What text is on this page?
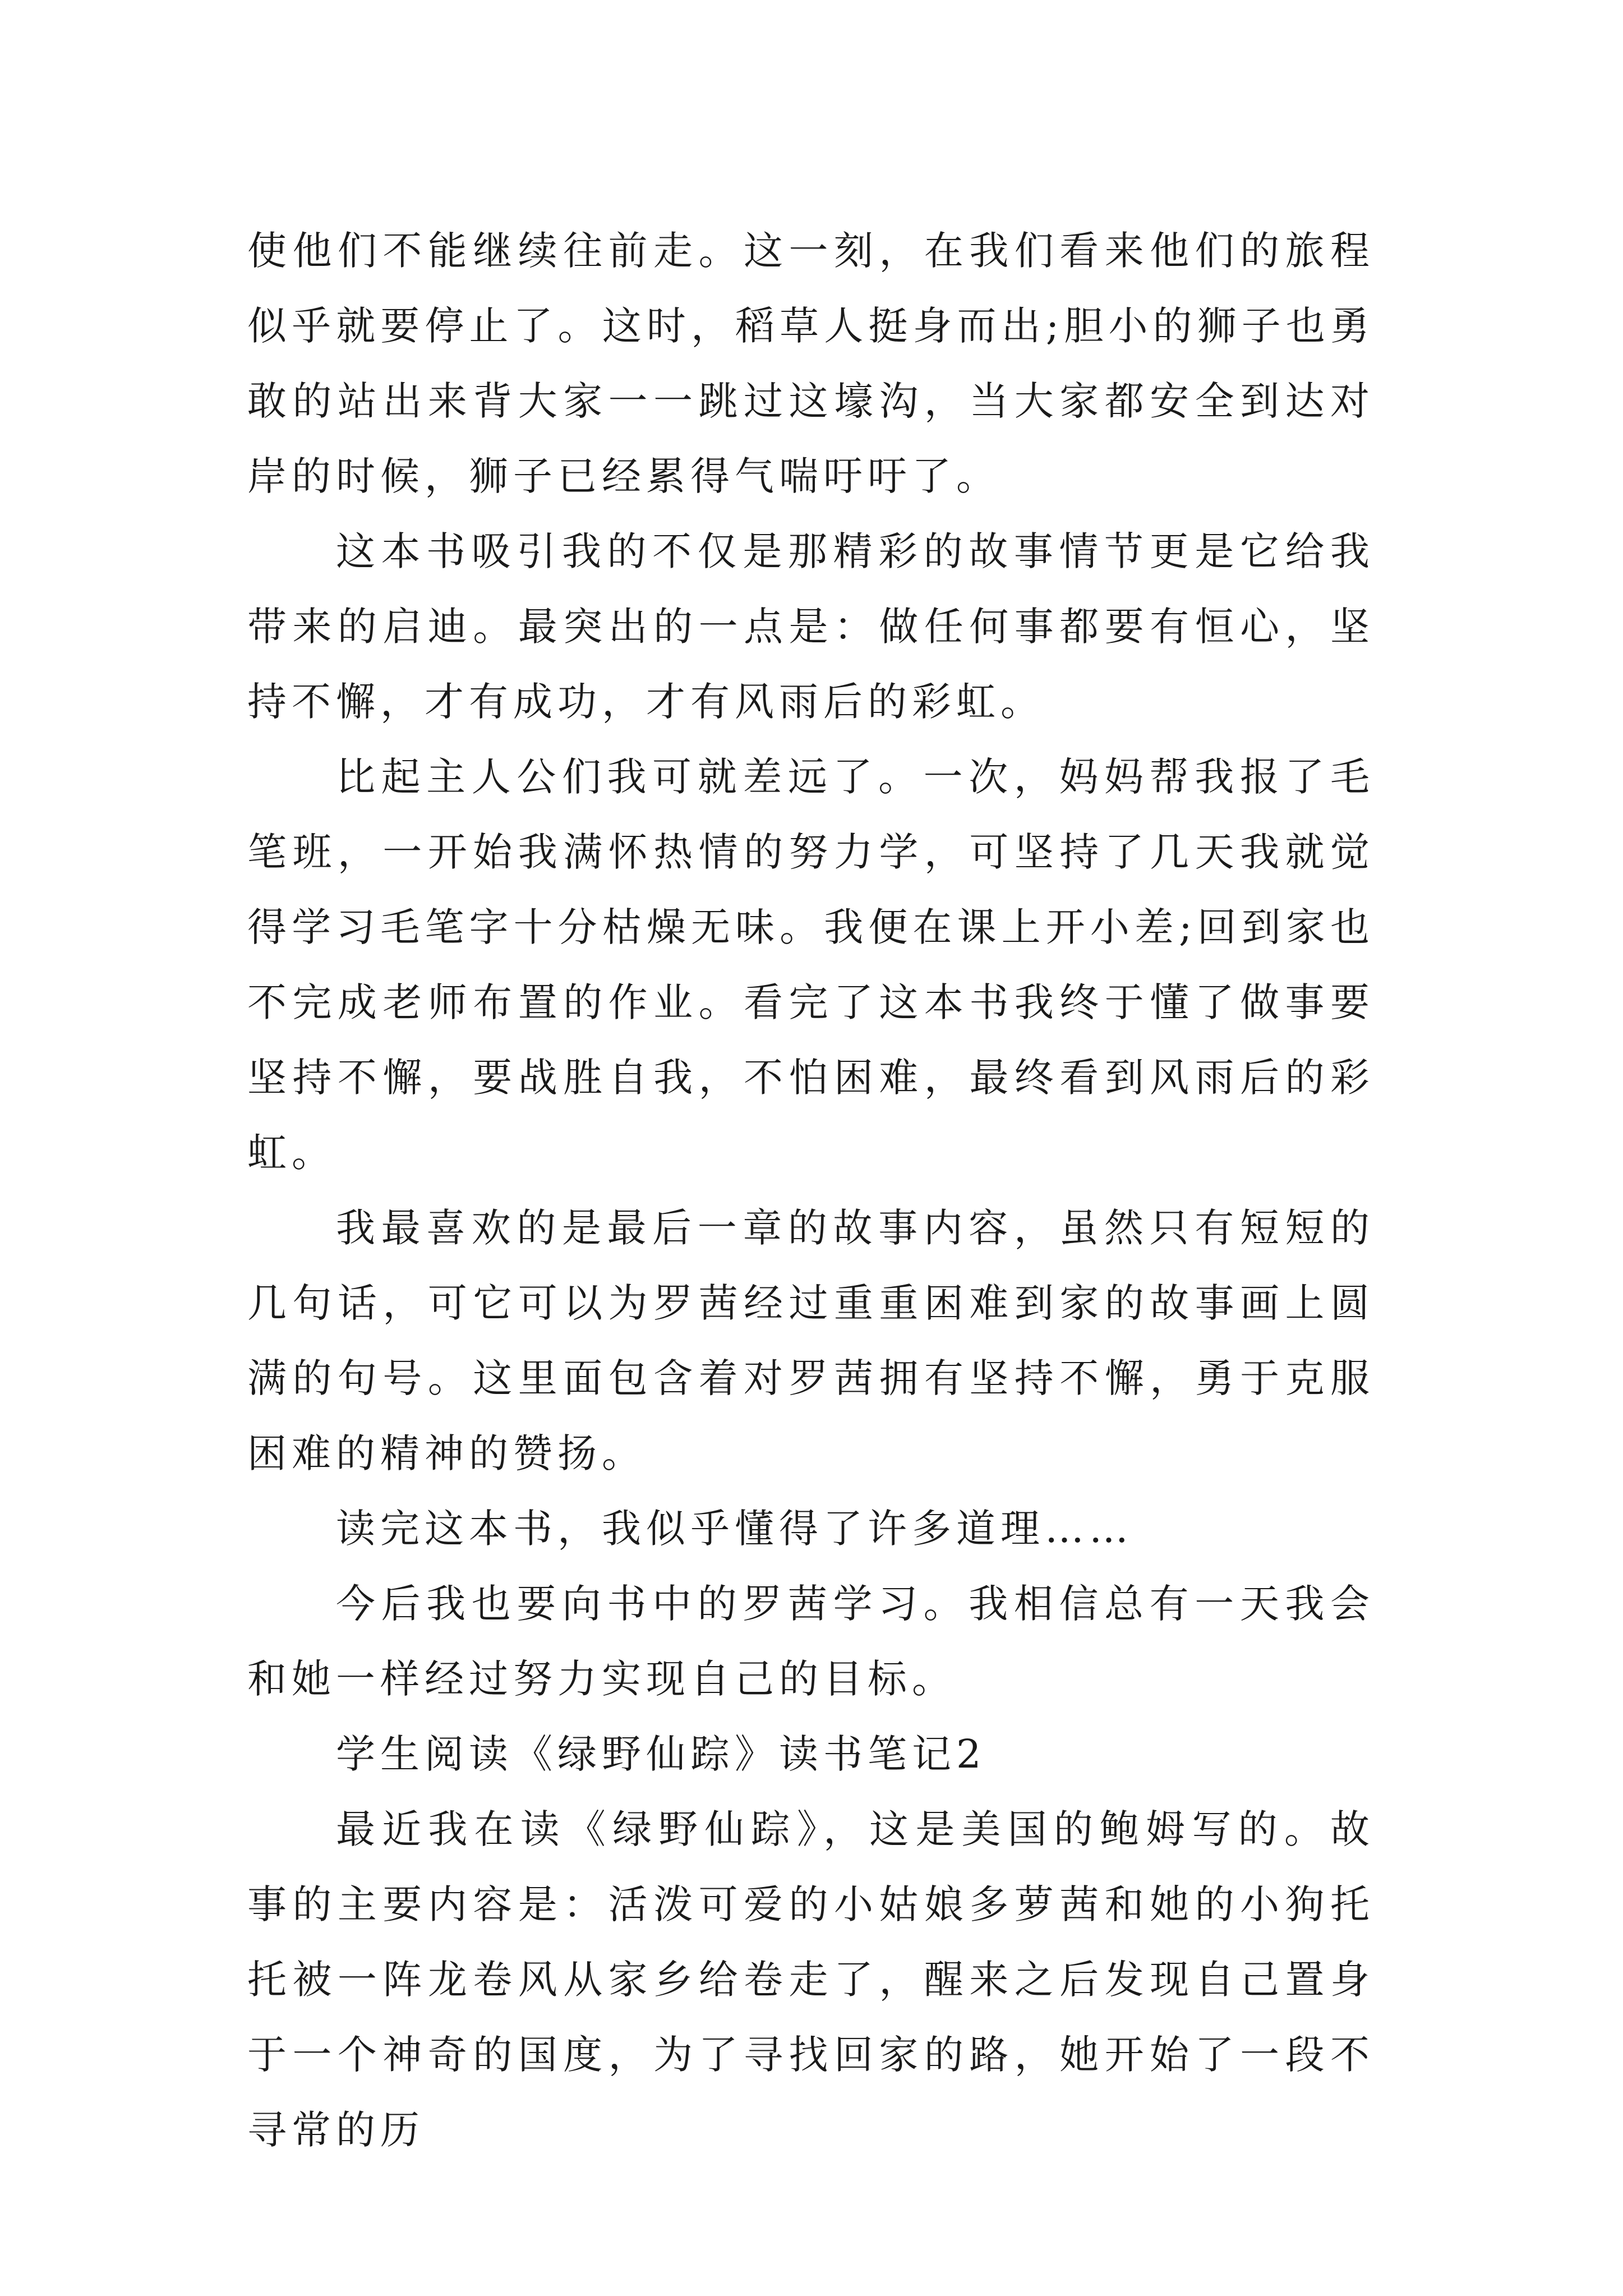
使他们不能继续往前走。这一刻，在我们看来他们的旅程似乎就要停止了。这时，稻草人挺身而出;胆小的狮子也勇敢的站出来背大家一一跳过这壕沟，当大家都安全到达对岸的时候，狮子已经累得气喘吁吁了。

这本书吸引我的不仅是那精彩的故事情节更是它给我带来的启迪。最突出的一点是：做任何事都要有恒心，坚持不懈，才有成功，才有风雨后的彩虹。

比起主人公们我可就差远了。一次，妈妈帮我报了毛笔班，一开始我满怀热情的努力学，可坚持了几天我就觉得学习毛笔字十分枯燥无味。我便在课上开小差;回到家也不完成老师布置的作业。看完了这本书我终于懂了做事要坚持不懈，要战胜自我，不怕困难，最终看到风雨后的彩虹。

我最喜欢的是最后一章的故事内容，虽然只有短短的几句话，可它可以为罗茜经过重重困难到家的故事画上圆满的句号。这里面包含着对罗茜拥有坚持不懈，勇于克服困难的精神的赞扬。

读完这本书，我似乎懂得了许多道理……

今后我也要向书中的罗茜学习。我相信总有一天我会和她一样经过努力实现自己的目标。

学生阅读《绿野仙踪》读书笔记2

最近我在读《绿野仙踪》，这是美国的鲍姆写的。故事的主要内容是：活泼可爱的小姑娘多萝茜和她的小狗托托被一阵龙卷风从家乡给卷走了，醒来之后发现自己置身于一个神奇的国度，为了寻找回家的路，她开始了一段不寻常的历
